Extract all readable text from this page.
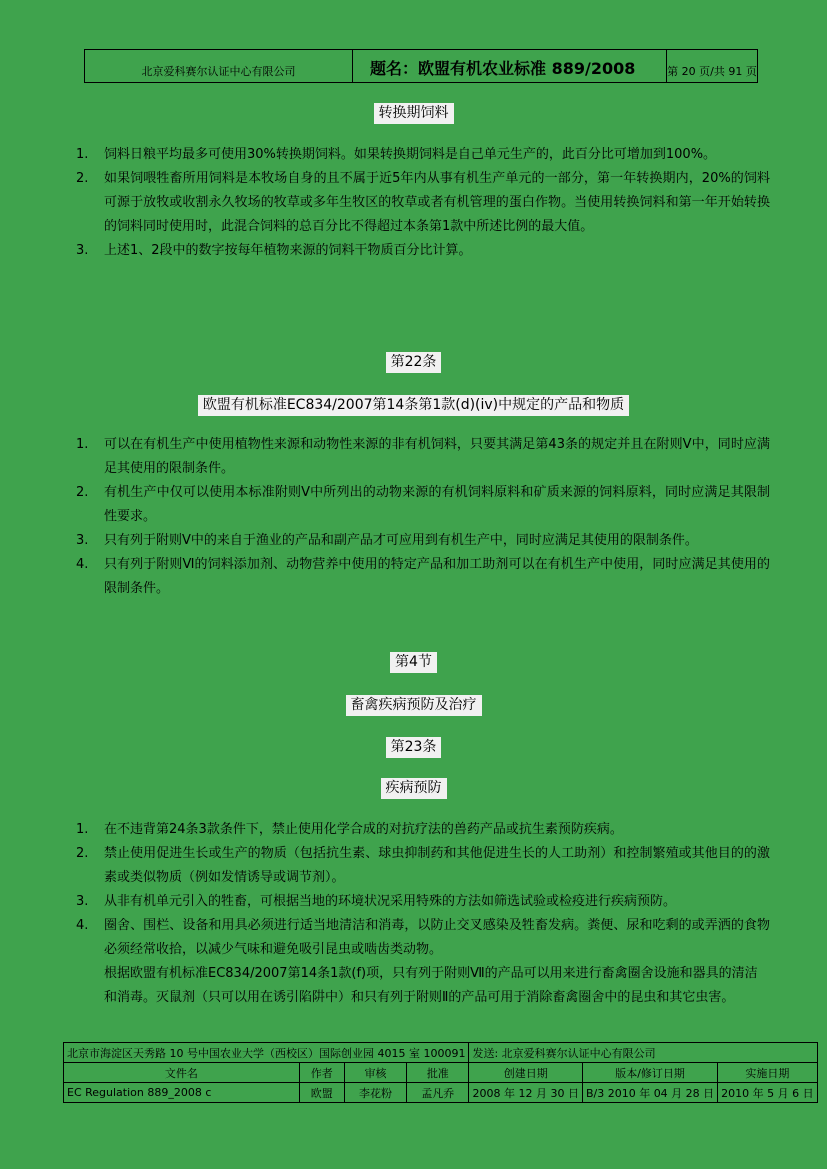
北京爱科赛尔认证中心有限公司	题名：欧盟有机农业标准 889/2008	第 20 页/共 91 页
转换期饲料
1. 饲料日粮平均最多可使用30%转换期饲料。如果转换期饲料是自己单元生产的，此百分比可增加到100%。
2. 如果饲喂牲畜所用饲料是本牧场自身的且不属于近5年内从事有机生产单元的一部分，第一年转换期内，20%的饲料可源于放牧或收割永久牧场的牧草或多年生牧区的牧草或者有机管理的蛋白作物。当使用转换饲料和第一年开始转换的饲料同时使用时，此混合饲料的总百分比不得超过本条第1款中所述比例的最大值。
3. 上述1、2段中的数字按每年植物来源的饲料干物质百分比计算。
第22条
欧盟有机标准EC834/2007第14条第1款(d)(iv)中规定的产品和物质
1. 可以在有机生产中使用植物性来源和动物性来源的非有机饲料，只要其满足第43条的规定并且在附则Ⅴ中，同时应满足其使用的限制条件。
2. 有机生产中仅可以使用本标准附则Ⅴ中所列出的动物来源的有机饲料原料和矿质来源的饲料原料，同时应满足其限制性要求。
3. 只有列于附则Ⅴ中的来自于渔业的产品和副产品才可应用到有机生产中，同时应满足其使用的限制条件。
4. 只有列于附则Ⅵ的饲料添加剂、动物营养中使用的特定产品和加工助剂可以在有机生产中使用，同时应满足其使用的限制条件。
第4节
畜禽疾病预防及治疗
第23条
疾病预防
1. 在不违背第24条3款条件下，禁止使用化学合成的对抗疗法的兽药产品或抗生素预防疾病。
2. 禁止使用促进生长或生产的物质（包括抗生素、球虫抑制药和其他促进生长的人工助剂）和控制繁殖或其他目的的激素或类似物质（例如发情诱导或调节剂）。
3. 从非有机单元引入的牲畜，可根据当地的环境状况采用特殊的方法如筛选试验或检疫进行疾病预防。
4. 圈舍、围栏、设备和用具必须进行适当地清洁和消毒，以防止交叉感染及牲畜发病。粪便、尿和吃剩的或弄洒的食物必须经常收拾，以减少气味和避免吸引昆虫或啮齿类动物。
根据欧盟有机标准EC834/2007第14条1款(f)项，只有列于附则Ⅶ的产品可以用来进行畜禽圈舍设施和器具的清洁和消毒。灭鼠剂（只可以用在诱引陷阱中）和只有列于附则Ⅱ的产品可用于消除畜禽圈舍中的昆虫和其它虫害。
北京市海淀区天秀路 10 号中国农业大学（西校区）国际创业园 4015 室 100091				发送: 北京爱科赛尔认证中心有限公司		
文件名	作者	审核	批准	创建日期	版本/修订日期	实施日期
EC Regulation 889_2008 c	欧盟	李花粉	孟凡乔	2008 年 12 月 30 日	B/3 2010 年 04 月 28 日	2010 年 5 月 6 日
